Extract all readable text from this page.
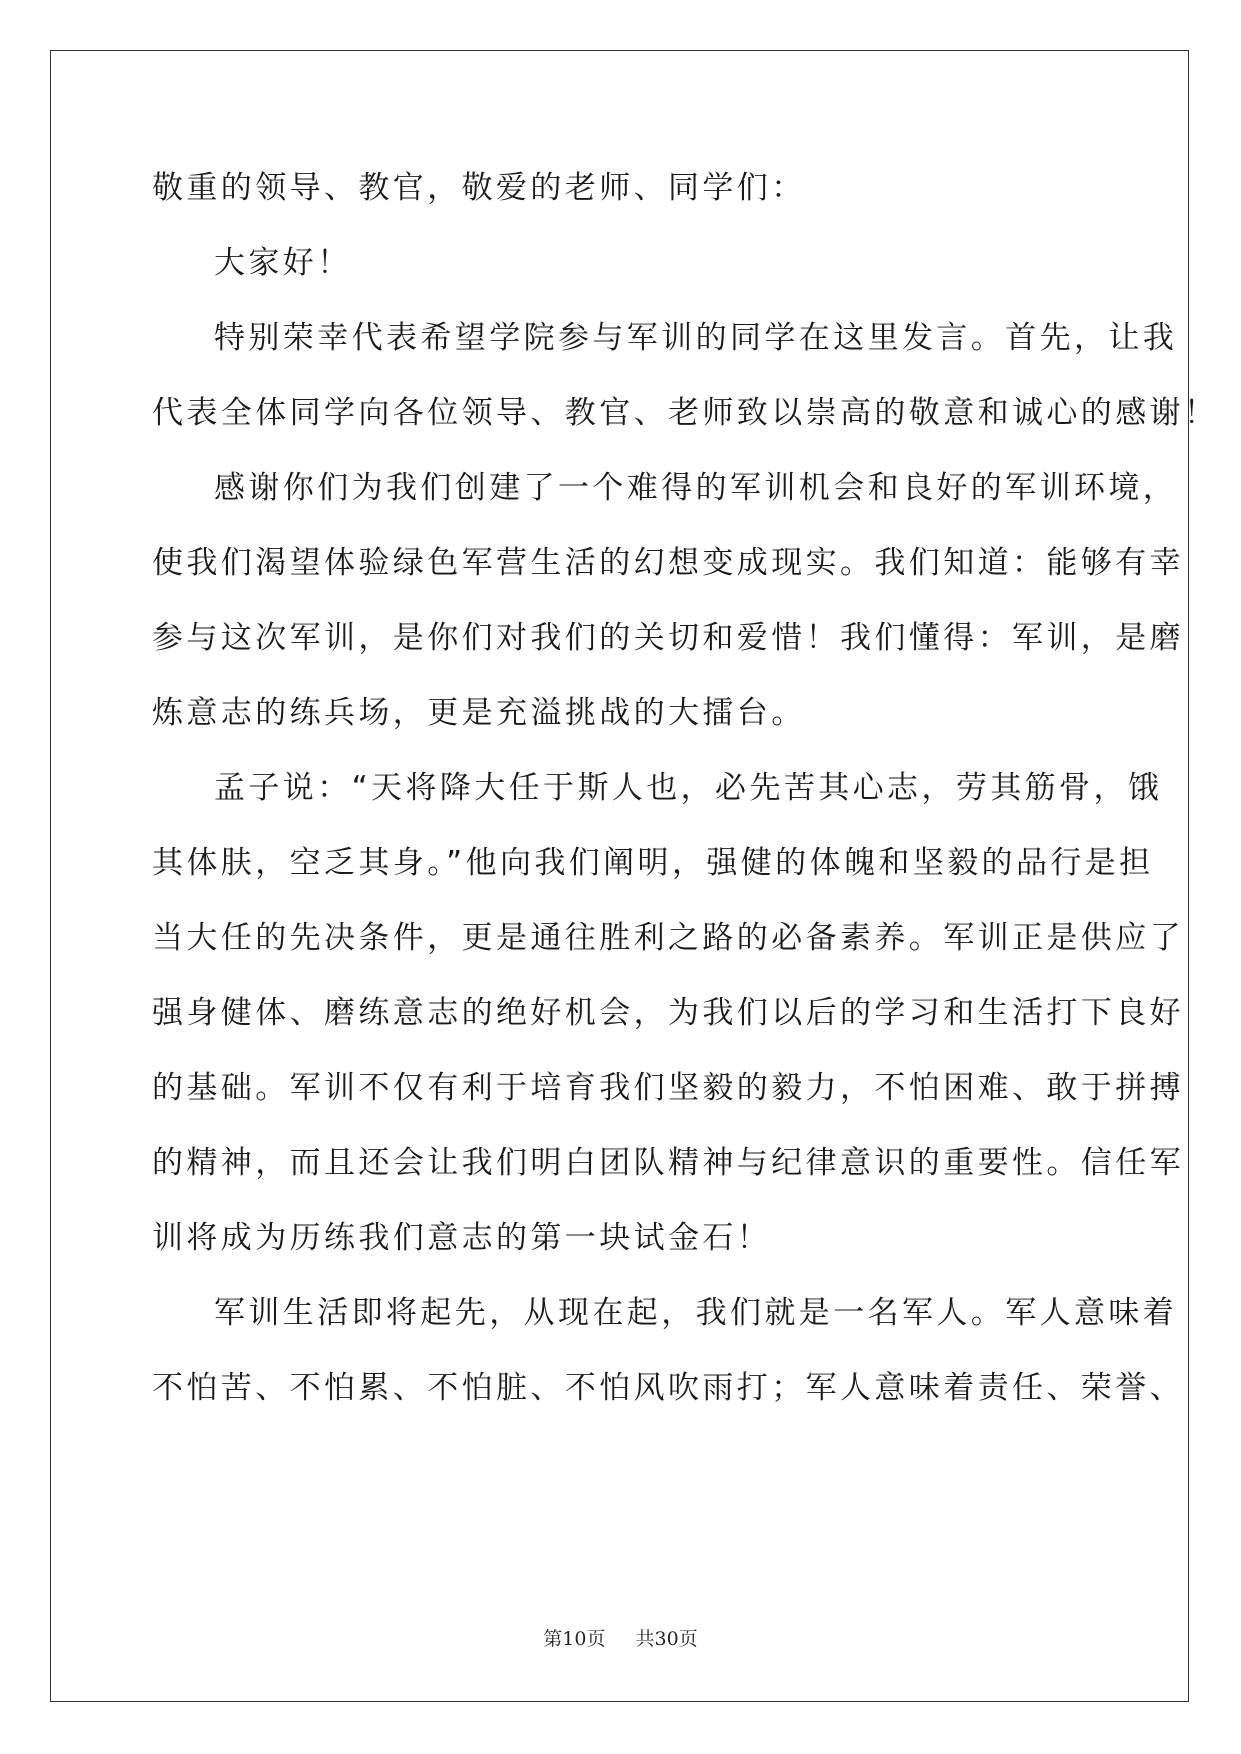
敬重的领导、教官，敬爱的老师、同学们：
大家好！
特别荣幸代表希望学院参与军训的同学在这里发言。首先，让我
代表全体同学向各位领导、教官、老师致以崇高的敬意和诚心的感谢！
感谢你们为我们创建了一个难得的军训机会和良好的军训环境，
使我们渴望体验绿色军营生活的幻想变成现实。我们知道：能够有幸
参与这次军训，是你们对我们的关切和爱惜！我们懂得：军训，是磨
炼意志的练兵场，更是充溢挑战的大擂台。
孟子说：“天将降大任于斯人也，必先苦其心志，劳其筋骨，饿
其体肤，空乏其身。”他向我们阐明，强健的体魄和坚毅的品行是担
当大任的先决条件，更是通往胜利之路的必备素养。军训正是供应了
强身健体、磨练意志的绝好机会，为我们以后的学习和生活打下良好
的基础。军训不仅有利于培育我们坚毅的毅力，不怕困难、敢于拼搏
的精神，而且还会让我们明白团队精神与纪律意识的重要性。信任军
训将成为历练我们意志的第一块试金石！
军训生活即将起先，从现在起，我们就是一名军人。军人意味着
不怕苦、不怕累、不怕脏、不怕风吹雨打；军人意味着责任、荣誉、
第10页 共30页
